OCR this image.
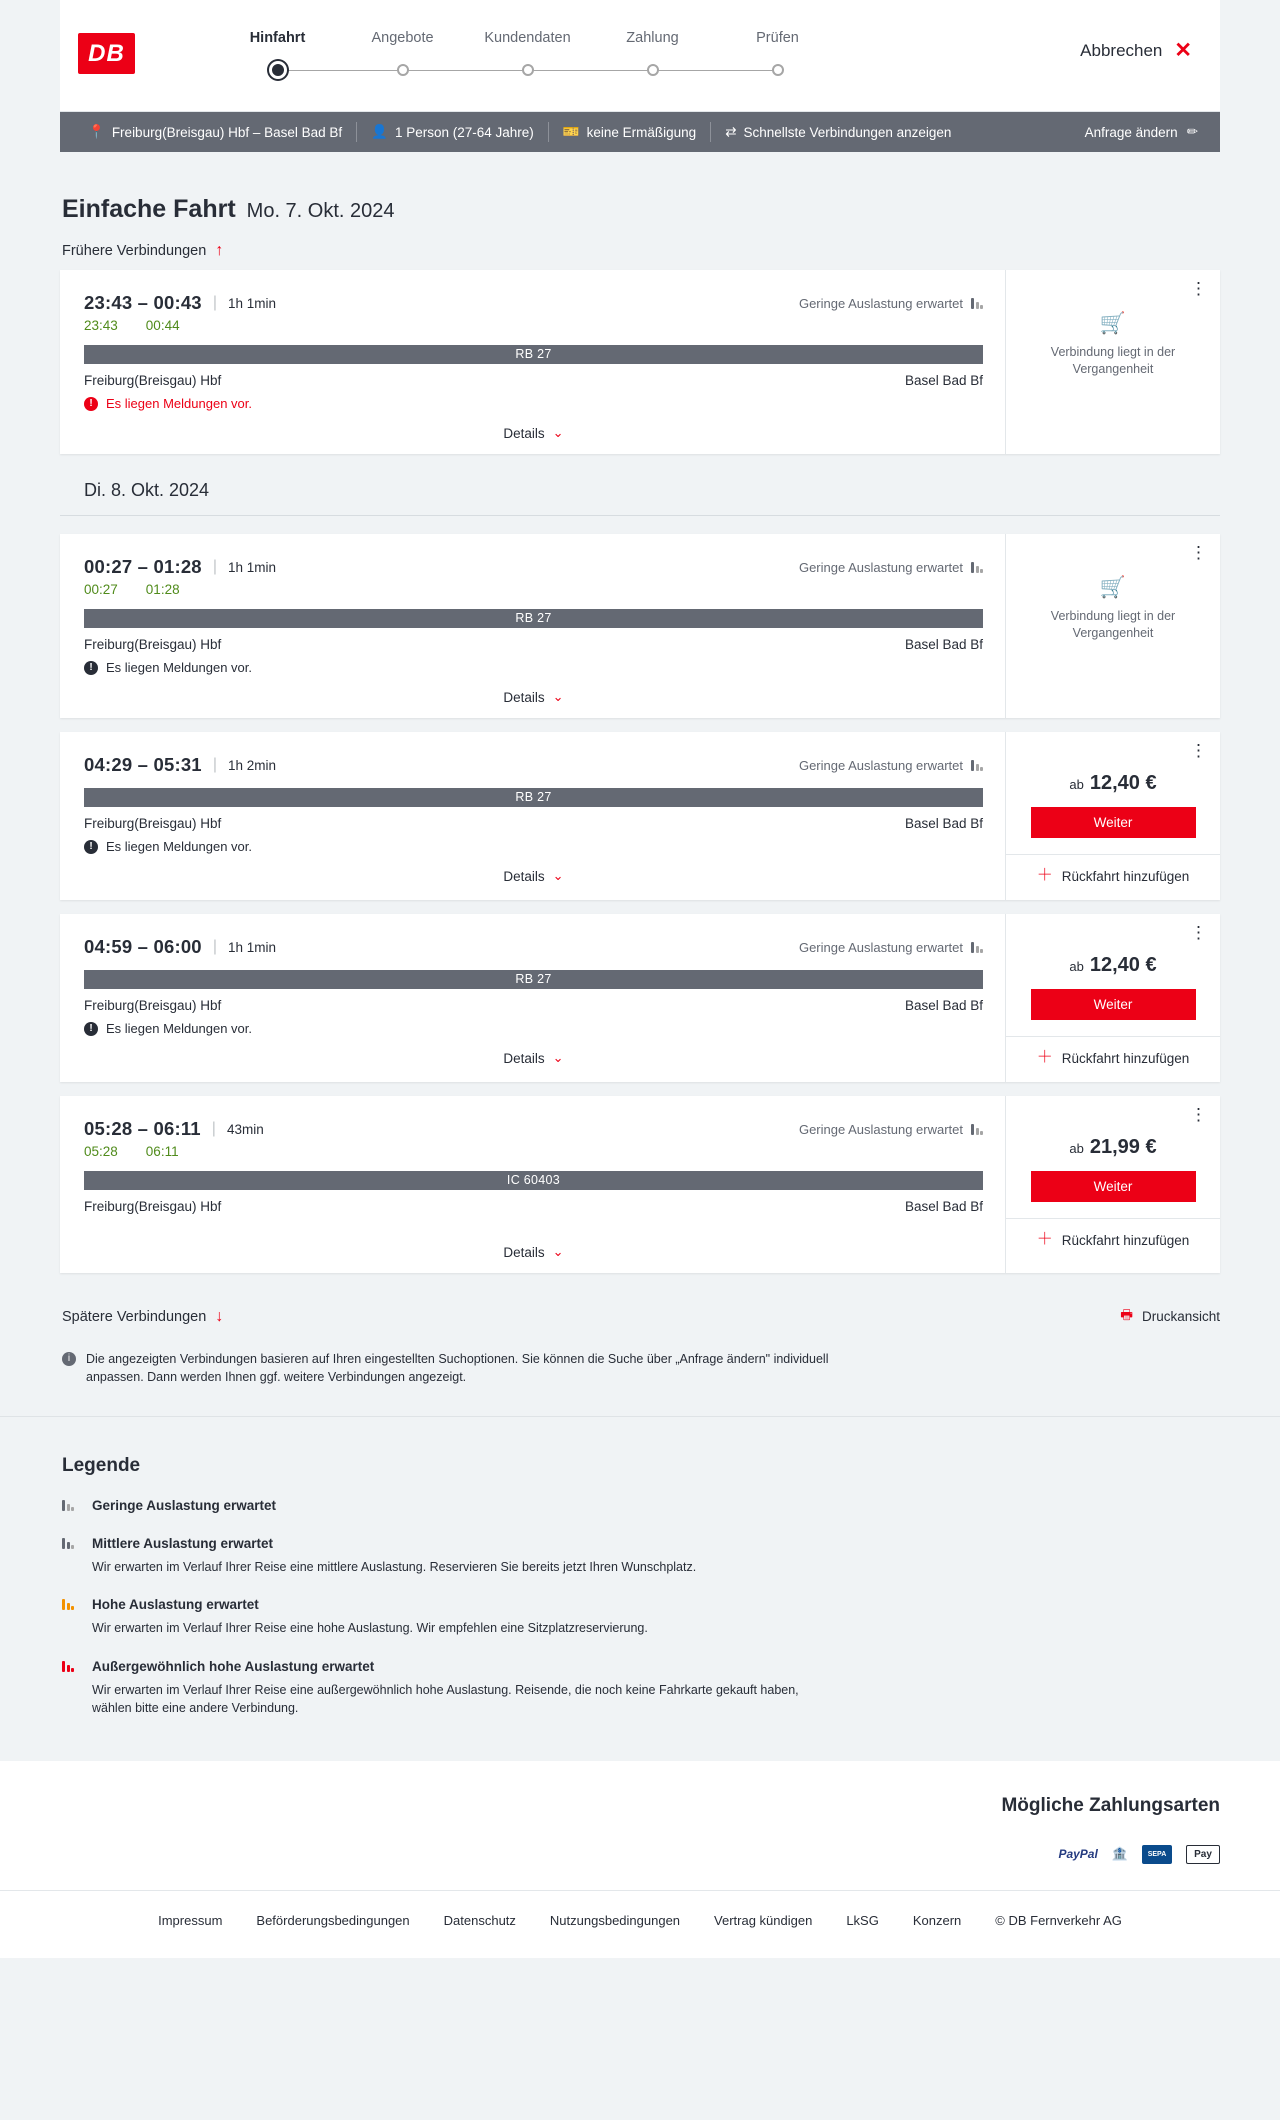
DB
Hinfahrt	Angebote	Kundendaten	Zahlung	Prüfen
Abbrechen ✕
📍 Freiburg(Breisgau) Hbf – Basel Bad Bf 👤 1 Person (27-64 Jahre) 🎫 keine Ermäßigung ⇄ Schnellste Verbindungen anzeigen	Anfrage ändern ✏
Einfache Fahrt Mo. 7. Okt. 2024
Frühere Verbindungen ↑
23:43 – 00:43 | 1h 1min	Geringe Auslastung erwartet
23:43 00:44
RB 27
Freiburg(Breisgau) Hbf	Basel Bad Bf
!	Es liegen Meldungen vor.
Details ⌄
⋮
🛒
Verbindung liegt in der Vergangenheit
Di. 8. Okt. 2024
00:27 – 01:28 | 1h 1min	Geringe Auslastung erwartet
00:27 01:28
RB 27
Freiburg(Breisgau) Hbf	Basel Bad Bf
!	Es liegen Meldungen vor.
Details ⌄
⋮
🛒
Verbindung liegt in der Vergangenheit
04:29 – 05:31 | 1h 2min	Geringe Auslastung erwartet
RB 27
Freiburg(Breisgau) Hbf	Basel Bad Bf
!	Es liegen Meldungen vor.
Details ⌄
⋮
ab 12,40 €
Weiter
＋ Rückfahrt hinzufügen
04:59 – 06:00 | 1h 1min	Geringe Auslastung erwartet
RB 27
Freiburg(Breisgau) Hbf	Basel Bad Bf
!	Es liegen Meldungen vor.
Details ⌄
⋮
ab 12,40 €
Weiter
＋ Rückfahrt hinzufügen
05:28 – 06:11 | 43min	Geringe Auslastung erwartet
05:28 06:11
IC 60403
Freiburg(Breisgau) Hbf	Basel Bad Bf
Details ⌄
⋮
ab 21,99 €
Weiter
＋ Rückfahrt hinzufügen
Spätere Verbindungen ↓	🖶 Druckansicht
i	Die angezeigten Verbindungen basieren auf Ihren eingestellten Suchoptionen. Sie können die Suche über „Anfrage ändern" individuell anpassen. Dann werden Ihnen ggf. weitere Verbindungen angezeigt.
Legende
Geringe Auslastung erwartet
Mittlere Auslastung erwartet

Wir erwarten im Verlauf Ihrer Reise eine mittlere Auslastung. Reservieren Sie bereits jetzt Ihren Wunschplatz.

Hohe Auslastung erwartet

Wir erwarten im Verlauf Ihrer Reise eine hohe Auslastung. Wir empfehlen eine Sitzplatzreservierung.

Außergewöhnlich hohe Auslastung erwartet

Wir erwarten im Verlauf Ihrer Reise eine außergewöhnlich hohe Auslastung. Reisende, die noch keine Fahrkarte gekauft haben, wählen bitte eine andere Verbindung.

Mögliche Zahlungsarten
PayPal 🏦	SEPA	Pay
Impressum	Beförderungsbedingungen	Datenschutz	Nutzungsbedingungen	Vertrag kündigen	LkSG	Konzern	© DB Fernverkehr AG
